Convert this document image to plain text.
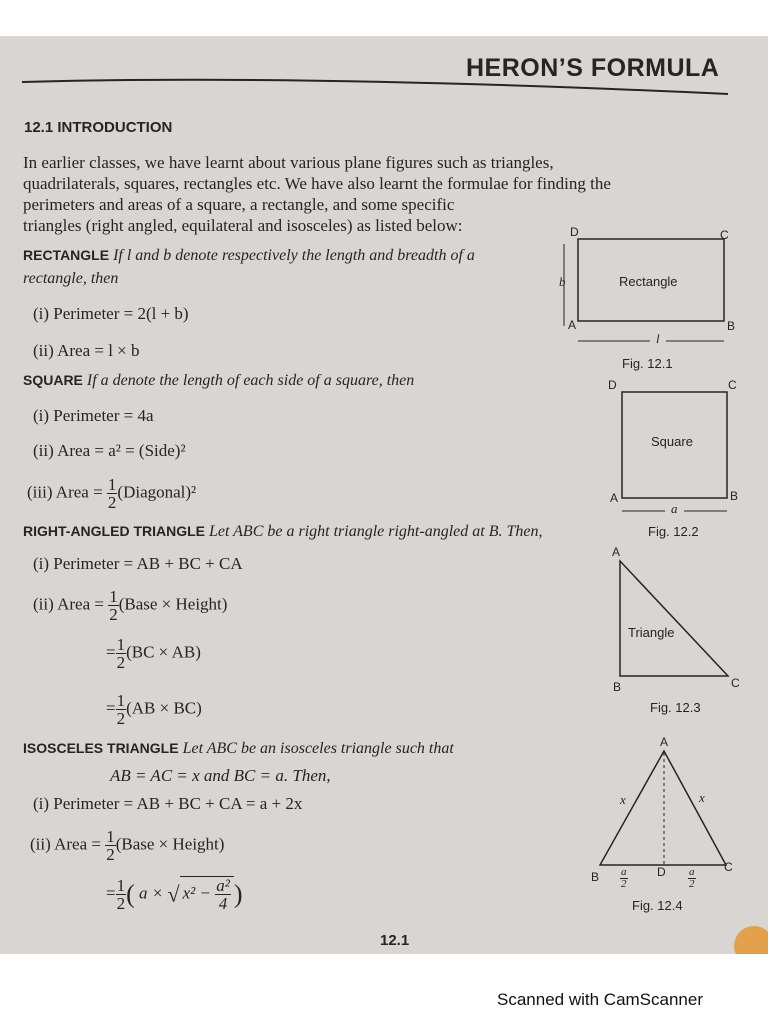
HERON’S FORMULA
12.1 INTRODUCTION
In earlier classes, we have learnt about various plane figures such as triangles,
quadrilaterals, squares, rectangles etc. We have also learnt the formulae for finding the
perimeters and areas of a square, a rectangle, and some specific
triangles (right angled, equilateral and isosceles) as listed below:
RECTANGLE If l and b denote respectively the length and breadth of a
rectangle, then
(i) Perimeter = 2(l + b)
(ii) Area = l × b
SQUARE If a denote the length of each side of a square, then
(i) Perimeter = 4a
(ii) Area = a² = (Side)²
(iii) Area = $\frac{1}{2}$ (Diagonal)²
RIGHT-ANGLED TRIANGLE Let ABC be a right triangle right-angled at B. Then,
(i) Perimeter = AB + BC + CA
(ii) Area = $\frac{1}{2}$ (Base × Height)
= $\frac{1}{2} (BC \times AB)$
= $\frac{1}{2} (AB \times BC)$
ISOSCELES TRIANGLE Let ABC be an isosceles triangle such that
AB = AC = x and BC = a. Then,
(i) Perimeter = AB + BC + CA = a + 2x
(ii) Area = $\frac{1}{2}$ (Base × Height)
= $\frac{1}{2}$ ( a × √ $x^2 - \frac{\text{a²}}{4}$ )
D	C
A	B
Rectangle
b
l
Fig. 12.1
D	C
A	B
Square
a
Fig. 12.2
A
B	C
Triangle
Fig. 12.3
A
B
C
D
x	x
$\frac{a}{2}$	$\frac{a}{2}$
Fig. 12.4
12.1
Scanned with CamScanner
